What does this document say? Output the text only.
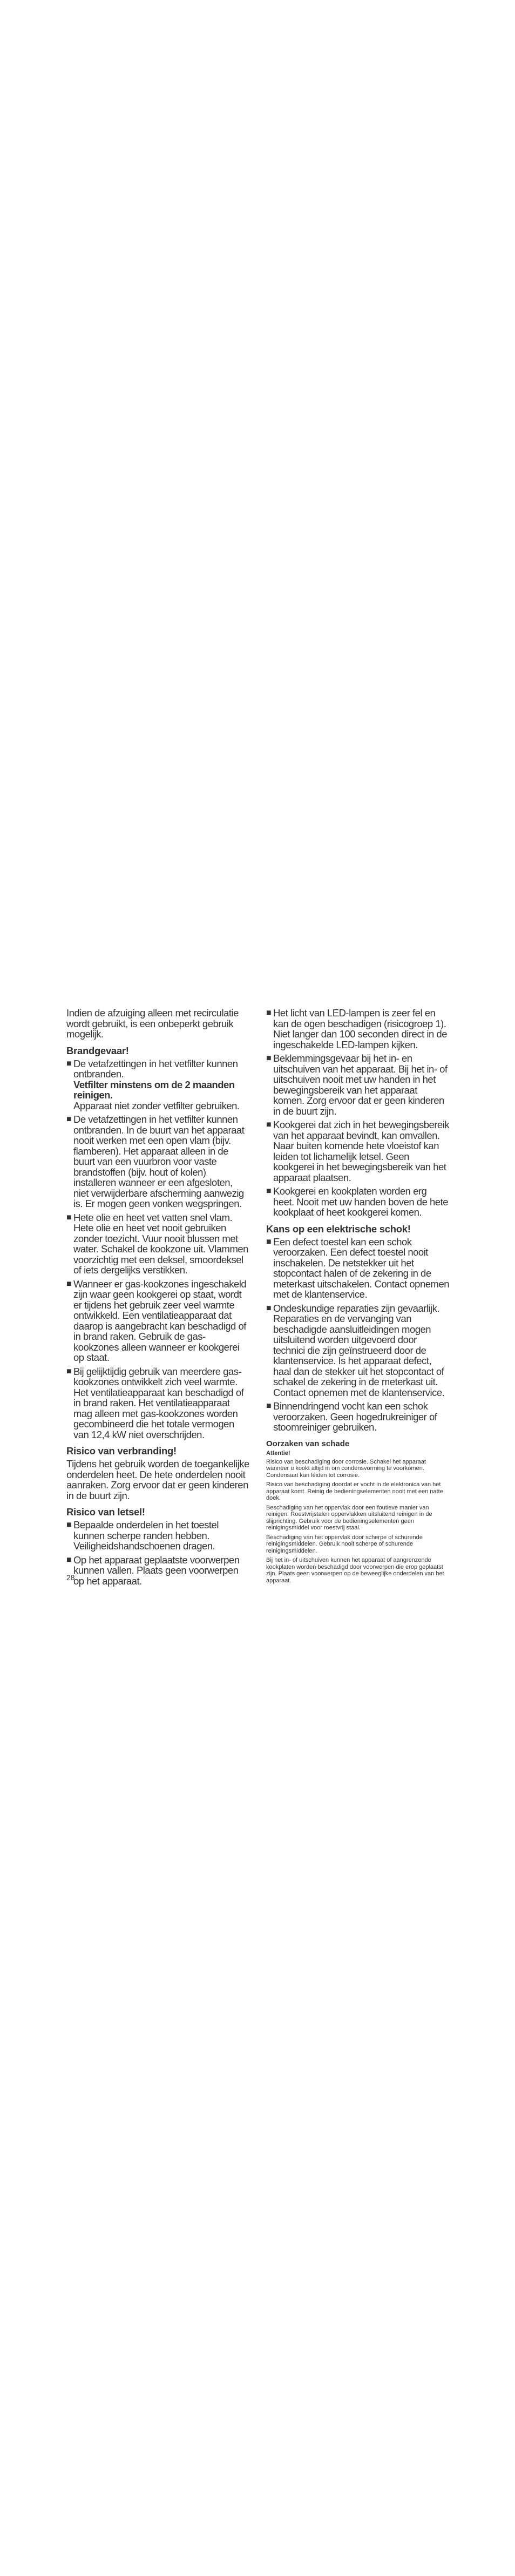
Indien de afzuiging alleen met recirculatie wordt gebruikt, is een onbeperkt gebruik mogelijk.

Brandgevaar!

■ De vetafzettingen in het vetfilter kunnen ontbranden.
Vetfilter minstens om de 2 maanden reinigen.
Apparaat niet zonder vetfilter gebruiken.
■ De vetafzettingen in het vetfilter kunnen ontbranden. In de buurt van het apparaat nooit werken met een open vlam (bijv. flamberen). Het apparaat alleen in de buurt van een vuurbron voor vaste brandstoffen (bijv. hout of kolen) installeren wanneer er een afgesloten, niet verwijderbare afscherming aanwezig is. Er mogen geen vonken wegspringen.
■ Hete olie en heet vet vatten snel vlam. Hete olie en heet vet nooit gebruiken zonder toezicht. Vuur nooit blussen met water. Schakel de kookzone uit. Vlammen voorzichtig met een deksel, smoordeksel of iets dergelijks verstikken.
■ Wanneer er gas-kookzones ingeschakeld zijn waar geen kookgerei op staat, wordt er tijdens het gebruik zeer veel warmte ontwikkeld. Een ventilatieapparaat dat daarop is aangebracht kan beschadigd of in brand raken. Gebruik de gas-kookzones alleen wanneer er kookgerei op staat.
■ Bij gelijktijdig gebruik van meerdere gas-kookzones ontwikkelt zich veel warmte. Het ventilatieapparaat kan beschadigd of in brand raken. Het ventilatieapparaat mag alleen met gas-kookzones worden gecombineerd die het totale vermogen van 12,4 kW niet overschrijden.

Risico van verbranding!

Tijdens het gebruik worden de toegankelijke onderdelen heet. De hete onderdelen nooit aanraken. Zorg ervoor dat er geen kinderen in de buurt zijn.

Risico van letsel!

■ Bepaalde onderdelen in het toestel kunnen scherpe randen hebben. Veiligheidshandschoenen dragen.
■ Op het apparaat geplaatste voorwerpen kunnen vallen. Plaats geen voorwerpen op het apparaat.
■ Het licht van LED-lampen is zeer fel en kan de ogen beschadigen (risicogroep 1). Niet langer dan 100 seconden direct in de ingeschakelde LED-lampen kijken.
■ Beklemmingsgevaar bij het in- en uitschuiven van het apparaat. Bij het in- of uitschuiven nooit met uw handen in het bewegingsbereik van het apparaat komen. Zorg ervoor dat er geen kinderen in de buurt zijn.
■ Kookgerei dat zich in het bewegingsbereik van het apparaat bevindt, kan omvallen. Naar buiten komende hete vloeistof kan leiden tot lichamelijk letsel. Geen kookgerei in het bewegingsbereik van het apparaat plaatsen.
■ Kookgerei en kookplaten worden erg heet. Nooit met uw handen boven de hete kookplaat of heet kookgerei komen.

Kans op een elektrische schok!

■ Een defect toestel kan een schok veroorzaken. Een defect toestel nooit inschakelen. De netstekker uit het stopcontact halen of de zekering in de meterkast uitschakelen. Contact opnemen met de klantenservice.
■ Ondeskundige reparaties zijn gevaarlijk. Reparaties en de vervanging van beschadigde aansluitleidingen mogen uitsluitend worden uitgevoerd door technici die zijn geïnstrueerd door de klantenservice. Is het apparaat defect, haal dan de stekker uit het stopcontact of schakel de zekering in de meterkast uit. Contact opnemen met de klantenservice.
■ Binnendringend vocht kan een schok veroorzaken. Geen hogedrukreiniger of stoomreiniger gebruiken.

Oorzaken van schade

Attentie!

Risico van beschadiging door corrosie. Schakel het apparaat wanneer u kookt altijd in om condensvorming te voorkomen. Condensaat kan leiden tot corrosie.

Risico van beschadiging doordat er vocht in de elektronica van het apparaat komt. Reinig de bedieningselementen nooit met een natte doek.

Beschadiging van het oppervlak door een foutieve manier van reinigen. Roestvrijstalen oppervlakken uitsluitend reinigen in de slijprichting. Gebruik voor de bedieningselementen geen reinigingsmiddel voor roestvrij staal.

Beschadiging van het oppervlak door scherpe of schurende reinigingsmiddelen. Gebruik nooit scherpe of schurende reinigingsmiddelen.

Bij het in- of uitschuiven kunnen het apparaat of aangrenzende kookplaten worden beschadigd door voorwerpen die erop geplaatst zijn. Plaats geen voorwerpen op de beweeglijke onderdelen van het apparaat.

28
